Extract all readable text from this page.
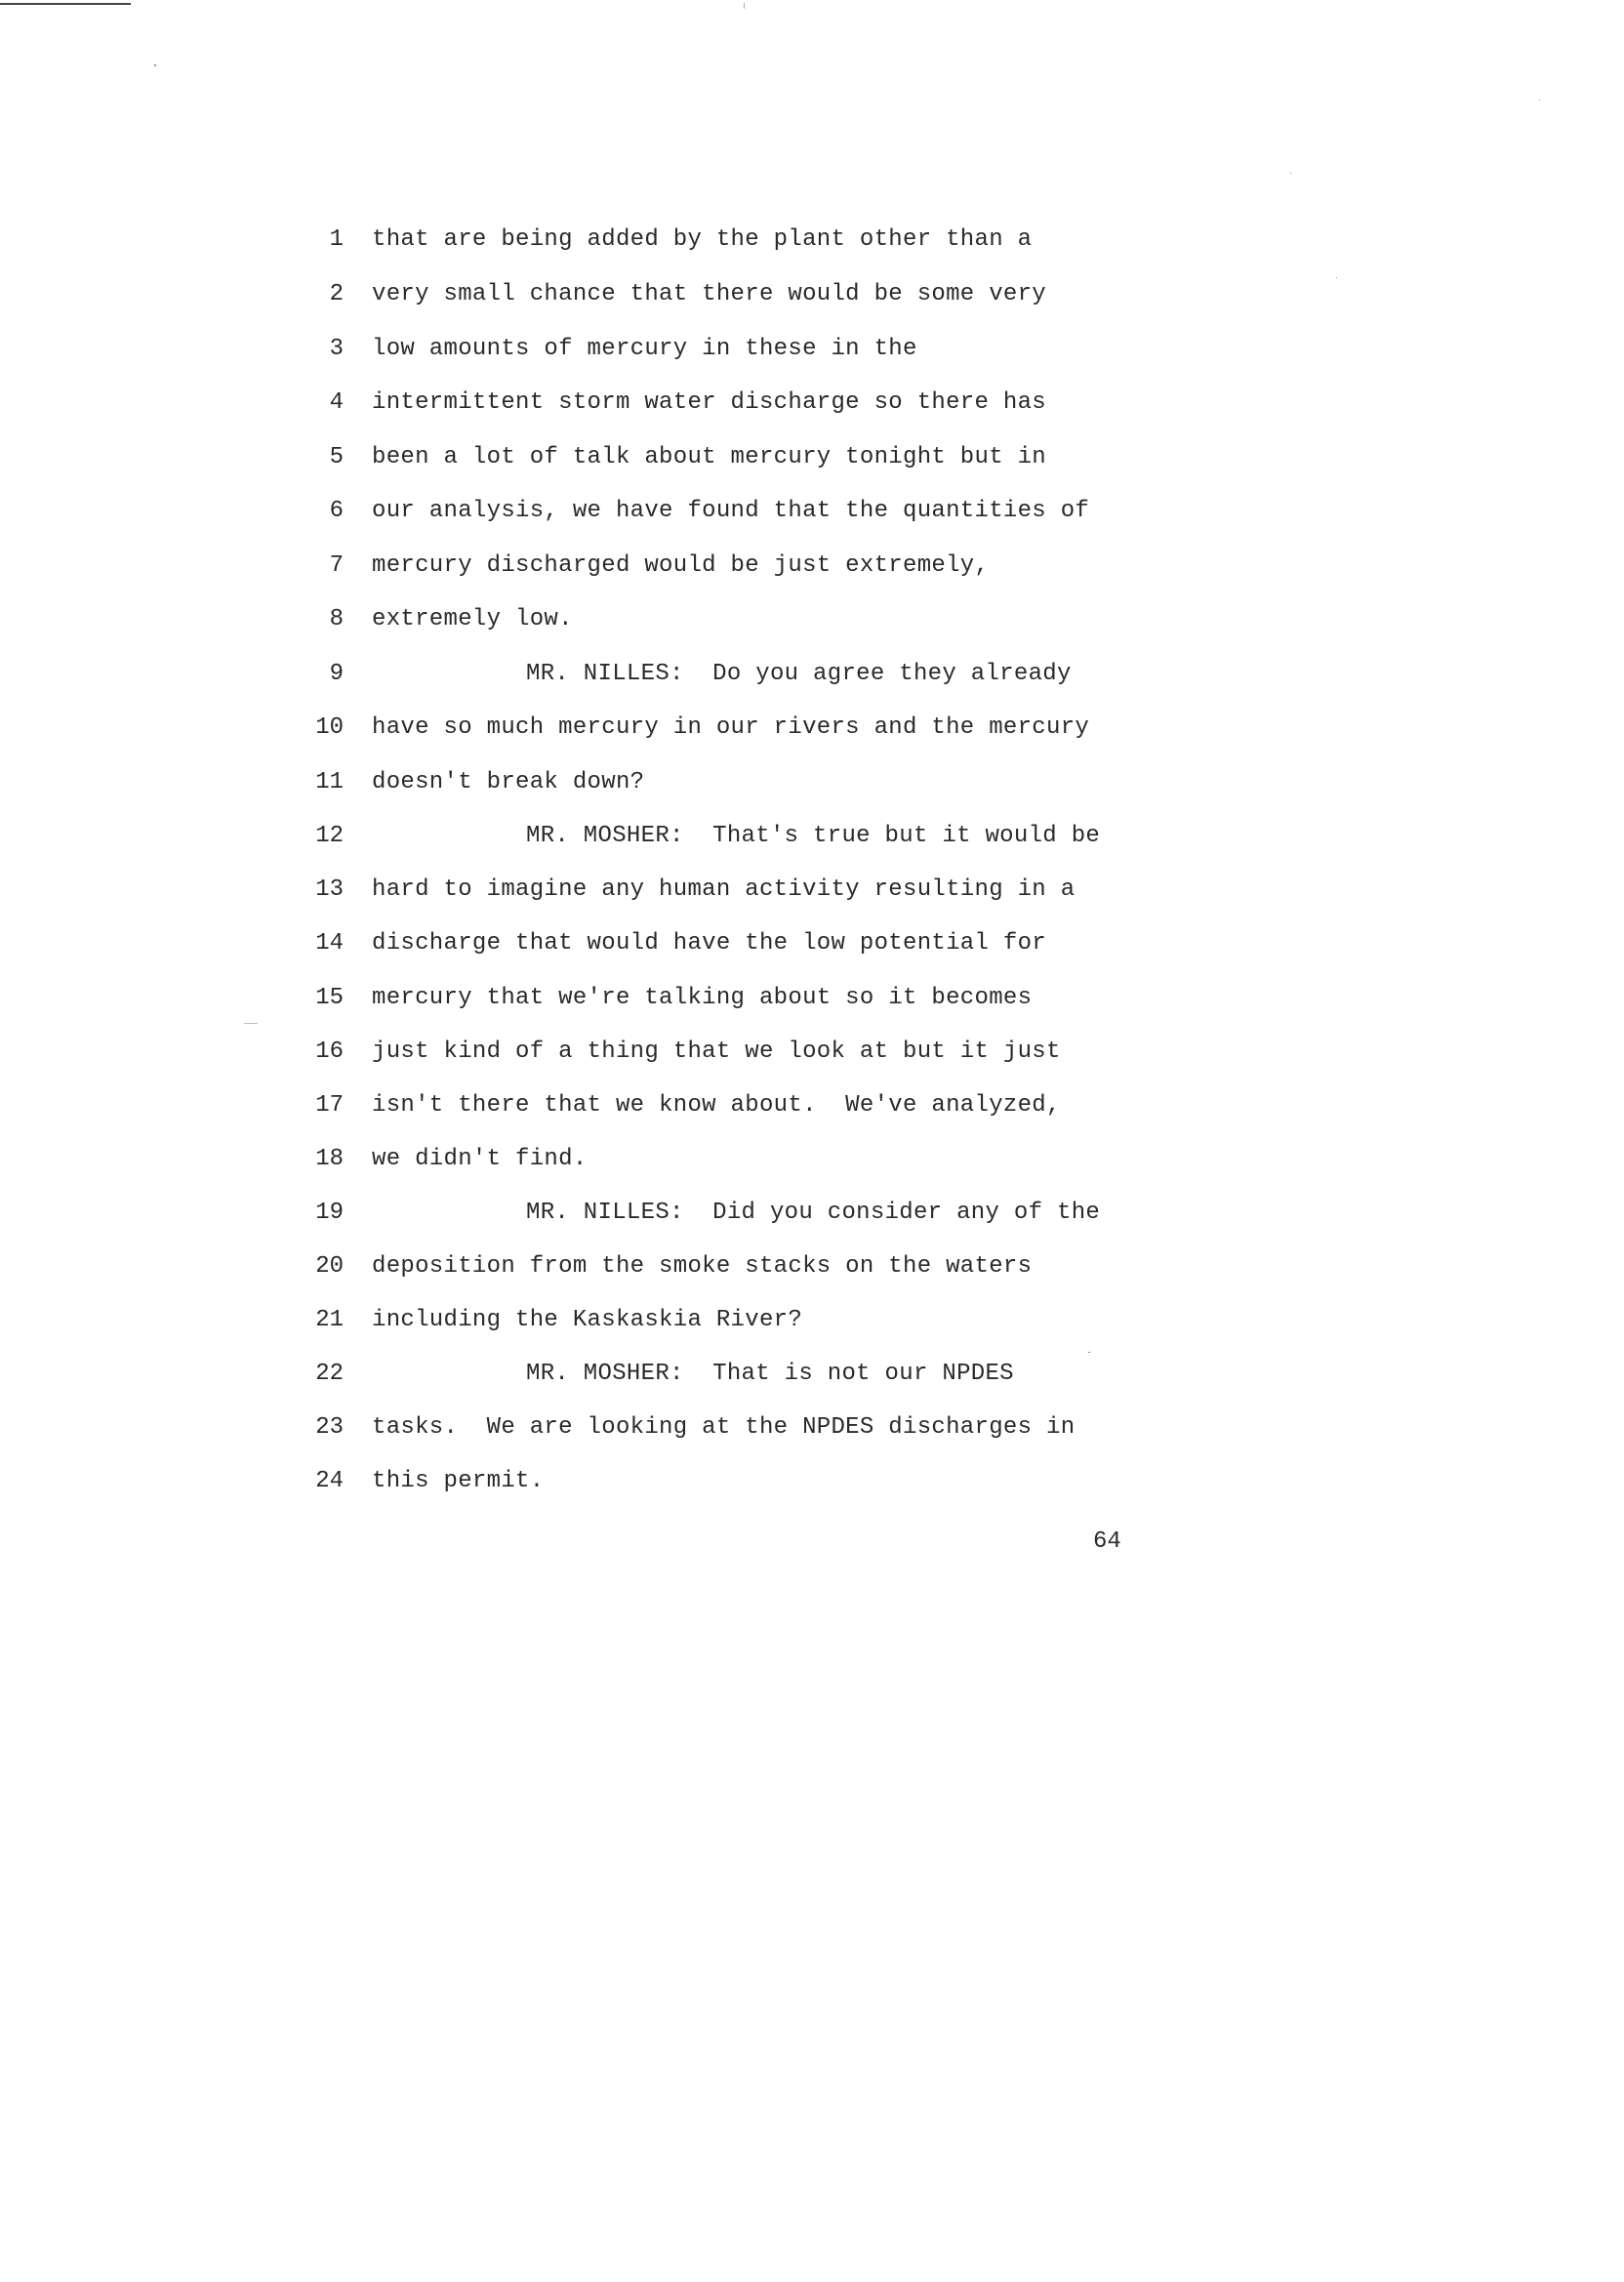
1 that are being added by the plant other than a
2 very small chance that there would be some very
3 low amounts of mercury in these in the
4 intermittent storm water discharge so there has
5 been a lot of talk about mercury tonight but in
6 our analysis, we have found that the quantities of
7 mercury discharged would be just extremely,
8 extremely low.
9	MR. NILLES:  Do you agree they already
10 have so much mercury in our rivers and the mercury
11 doesn't break down?
12	MR. MOSHER:  That's true but it would be
13 hard to imagine any human activity resulting in a
14 discharge that would have the low potential for
15 mercury that we're talking about so it becomes
16 just kind of a thing that we look at but it just
17 isn't there that we know about.  We've analyzed,
18 we didn't find.
19	MR. NILLES:  Did you consider any of the
20 deposition from the smoke stacks on the waters
21 including the Kaskaskia River?
22	MR. MOSHER:  That is not our NPDES
23 tasks.  We are looking at the NPDES discharges in
24 this permit.
64
